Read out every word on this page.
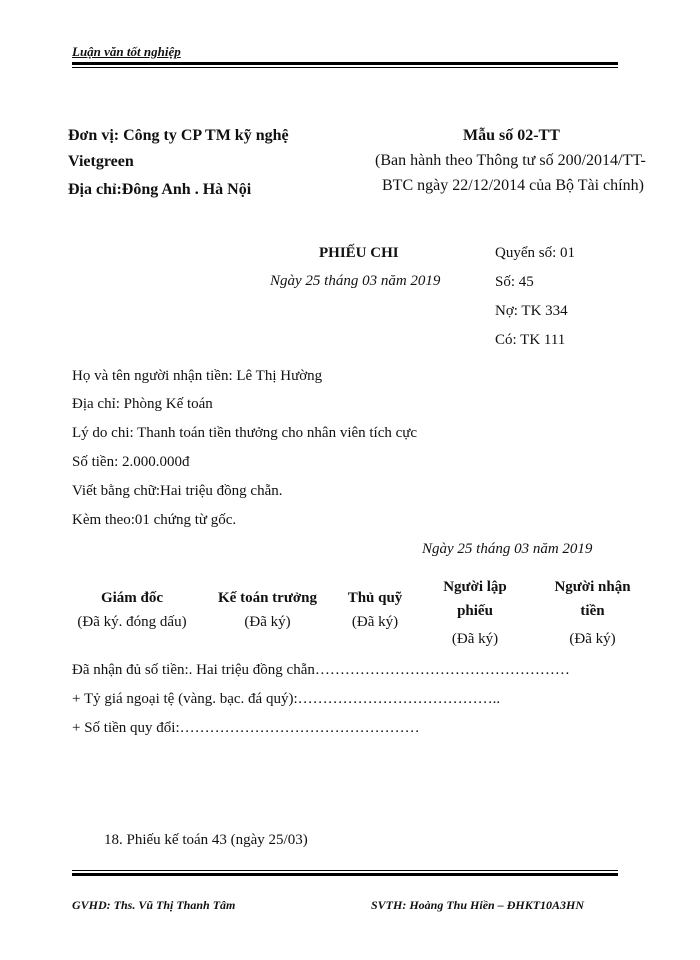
Luận văn tốt nghiệp
Đơn vị: Công ty CP TM kỹ nghệ
Vietgreen
Địa chỉ:Đông Anh . Hà Nội
Mẫu số 02-TT
(Ban hành theo Thông tư số 200/2014/TT-
BTC ngày 22/12/2014 của Bộ Tài chính)
PHIẾU CHI
Ngày 25 tháng 03 năm 2019
Quyển số: 01
Số: 45
Nợ: TK 334
Có: TK 111
Họ và tên người nhận tiền: Lê Thị Hường
Địa chỉ: Phòng Kế toán
Lý do chi: Thanh toán tiền thưởng cho nhân viên tích cực
Số tiền: 2.000.000đ
Viết bằng chữ:Hai triệu đồng chẵn.
Kèm theo:01 chứng từ gốc.
Ngày 25 tháng 03 năm 2019
Giám đốc
(Đã ký. đóng dấu)
Kế toán trưởng
(Đã ký)
Thủ quỹ
(Đã ký)
Người lập
phiếu
(Đã ký)
Người nhận
tiền
(Đã ký)
Đã nhận đủ số tiền:. Hai triệu đồng chẵn……………………………………………
+ Tỷ giá ngoại tệ (vàng. bạc. đá quý):…………………………………..
+ Số tiền quy đổi:…………………………………………
18. Phiếu kế toán 43 (ngày 25/03)
GVHD: Ths. Vũ Thị Thanh Tâm	SVTH: Hoàng Thu Hiền – ĐHKT10A3HN
